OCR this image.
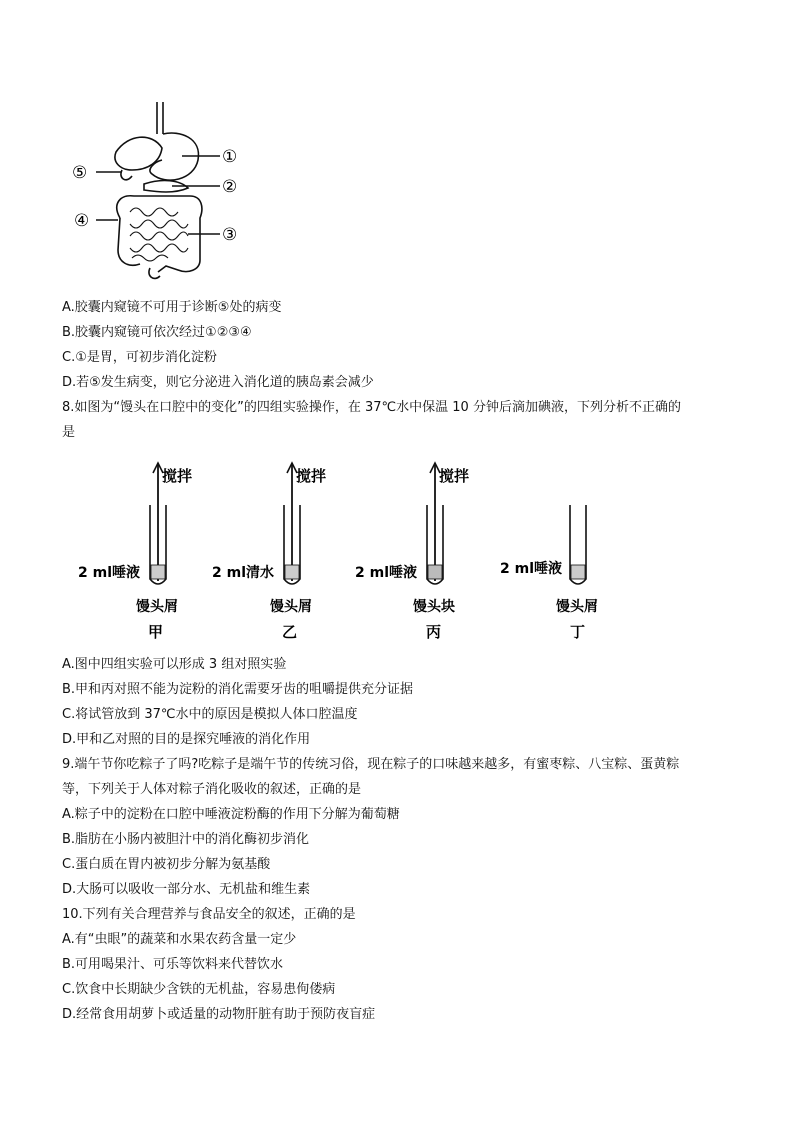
①
②
③
④
⑤
A.胶囊内窥镜不可用于诊断⑤处的病变
B.胶囊内窥镜可依次经过①②③④
C.①是胃，可初步消化淀粉
D.若⑤发生病变，则它分泌进入消化道的胰岛素会减少
8.如图为“馒头在口腔中的变化”的四组实验操作，在 37℃水中保温 10 分钟后滴加碘液，下列分析不正确的
是
搅拌
2 ml唾液
馒头屑
甲
搅拌
2 ml清水
馒头屑
乙
搅拌
2 ml唾液
馒头块
丙
2 ml唾液
馒头屑
丁
A.图中四组实验可以形成 3 组对照实验
B.甲和丙对照不能为淀粉的消化需要牙齿的咀嚼提供充分证据
C.将试管放到 37℃水中的原因是模拟人体口腔温度
D.甲和乙对照的目的是探究唾液的消化作用
9.端午节你吃粽子了吗?吃粽子是端午节的传统习俗，现在粽子的口味越来越多，有蜜枣粽、八宝粽、蛋黄粽
等，下列关于人体对粽子消化吸收的叙述，正确的是
A.粽子中的淀粉在口腔中唾液淀粉酶的作用下分解为葡萄糖
B.脂肪在小肠内被胆汁中的消化酶初步消化
C.蛋白质在胃内被初步分解为氨基酸
D.大肠可以吸收一部分水、无机盐和维生素
10.下列有关合理营养与食品安全的叙述，正确的是
A.有“虫眼”的蔬菜和水果农药含量一定少
B.可用喝果汁、可乐等饮料来代替饮水
C.饮食中长期缺少含铁的无机盐，容易患佝偻病
D.经常食用胡萝卜或适量的动物肝脏有助于预防夜盲症
